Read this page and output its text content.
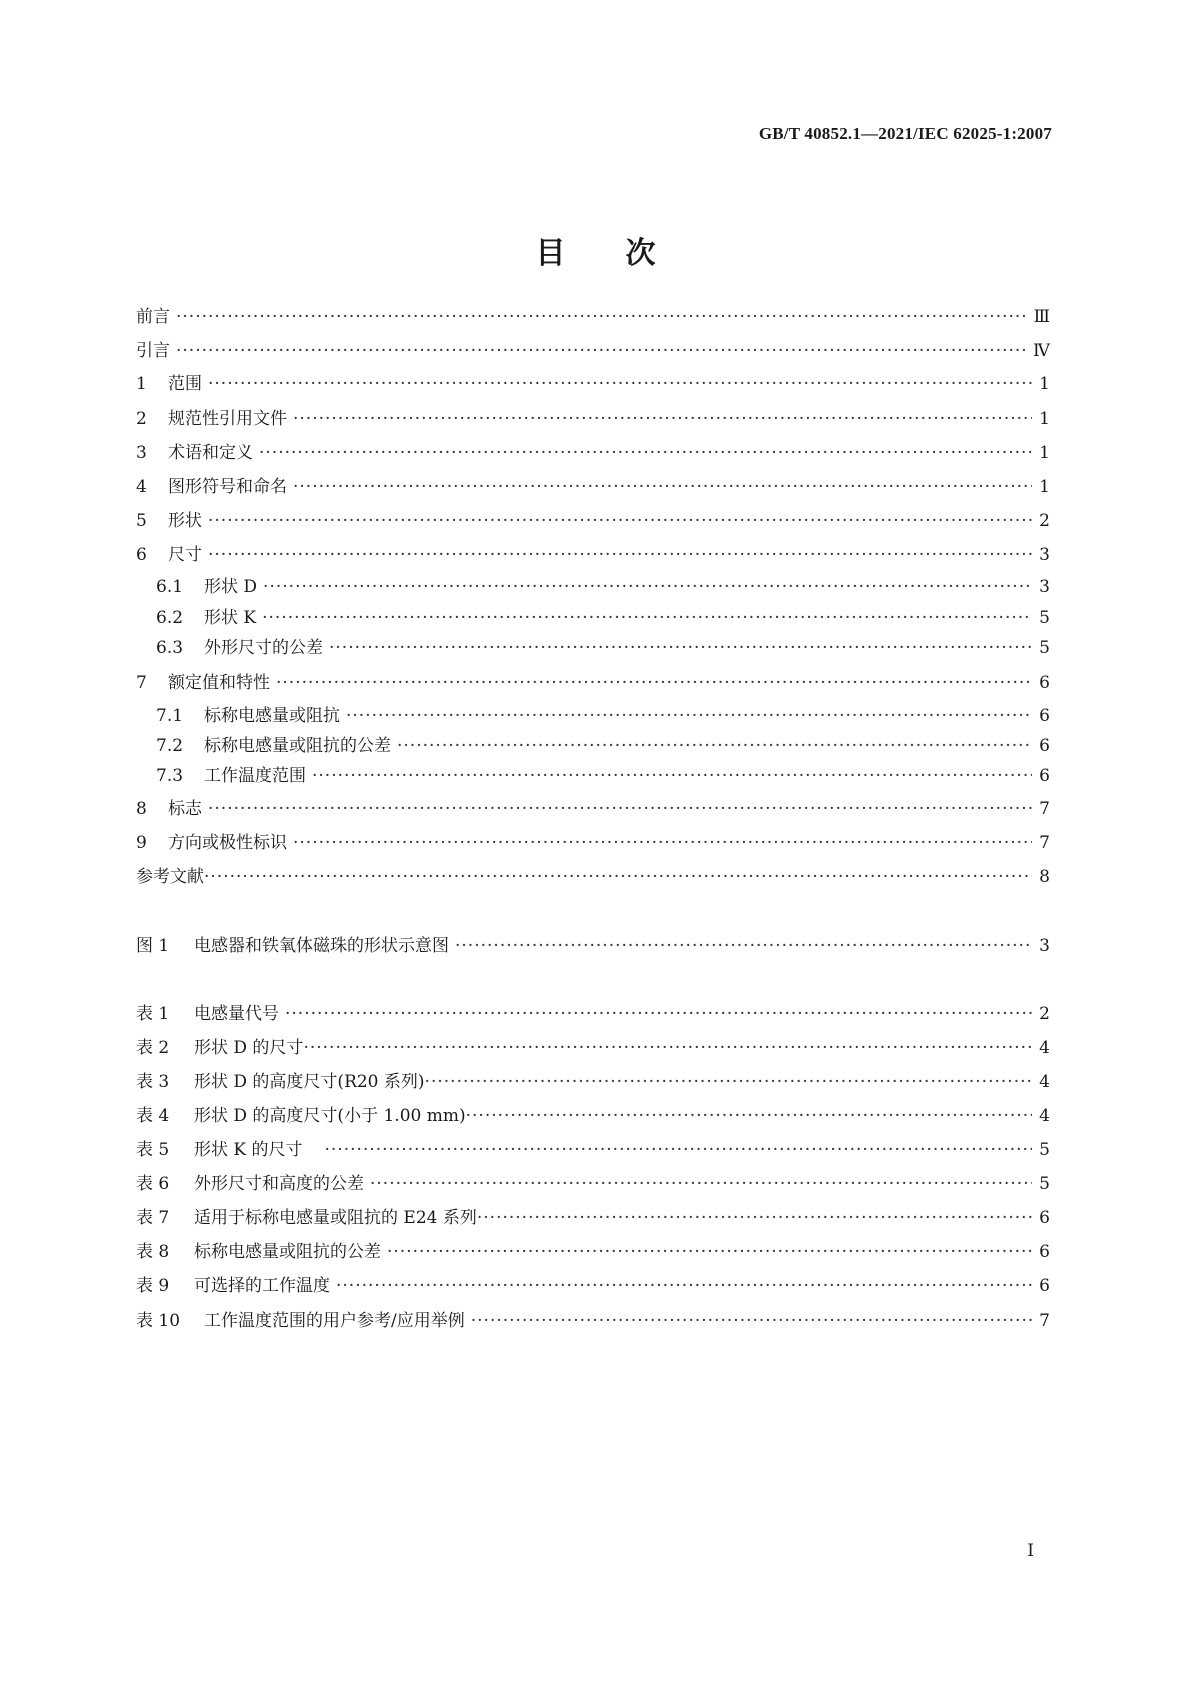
GB/T 40852.1—2021/IEC 62025-1:2007
目次
前言 ·····	Ⅲ
引言 ·····	Ⅳ
1	范围 ·····	1
2	规范性引用文件 ·····	1
3	术语和定义 ·····	1
4	图形符号和命名 ·····	1
5	形状 ·····	2
6	尺寸 ·····	3
6.1	形状 D ·····	3
6.2	形状 K ·····	5
6.3	外形尺寸的公差 ·····	5
7	额定值和特性 ·····	6
7.1	标称电感量或阻抗 ·····	6
7.2	标称电感量或阻抗的公差 ·····	6
7.3	工作温度范围 ·····	6
8	标志 ·····	7
9	方向或极性标识 ·····	7
参考文献 ·····	8
图 1	电感器和铁氧体磁珠的形状示意图 ·····	3
表 1	电感量代号 ·····	2
表 2	形状 D 的尺寸 ·····	4
表 3	形状 D 的高度尺寸(R20 系列) ·····	4
表 4	形状 D 的高度尺寸(小于 1.00 mm) ·····	4
表 5	形状 K 的尺寸 ·····	5
表 6	外形尺寸和高度的公差 ·····	5
表 7	适用于标称电感量或阻抗的 E24 系列 ·····	6
表 8	标称电感量或阻抗的公差 ·····	6
表 9	可选择的工作温度 ·····	6
表 10	工作温度范围的用户参考/应用举例 ·····	7
I
